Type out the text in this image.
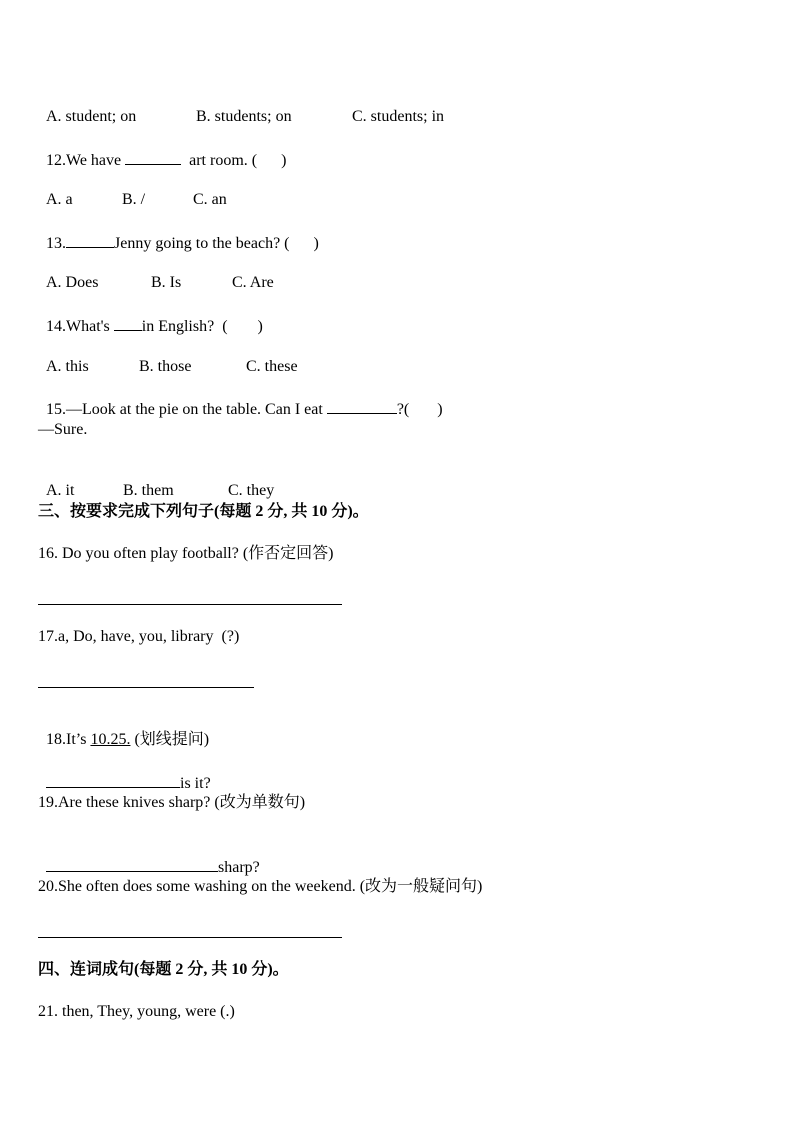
A. student; on	B. students; on	C. students; in

12.We have	art room. ( )

A. a	B. /	C. an

13.	Jenny going to the beach? ( )

A. Does	B. Is	C. Are

14.What's in English?  ( )

A. this	B. those	C. these

15.—Look at the pie on the table. Can I eat	?( )

—Sure.

A. it	B. them	C. they

三、按要求完成下列句子(每题 2 分, 共 10 分)。
16. Do you often play football? (作否定回答)
17.a, Do, have, you, library  (?)

18.It’s 10.25. (划线提问)

is it?

19.Are these knives sharp? (改为单数句)

sharp?

20.She often does some washing on the weekend. (改为一般疑问句)
四、连词成句(每题 2 分, 共 10 分)。
21. then, They, young, were (.)
